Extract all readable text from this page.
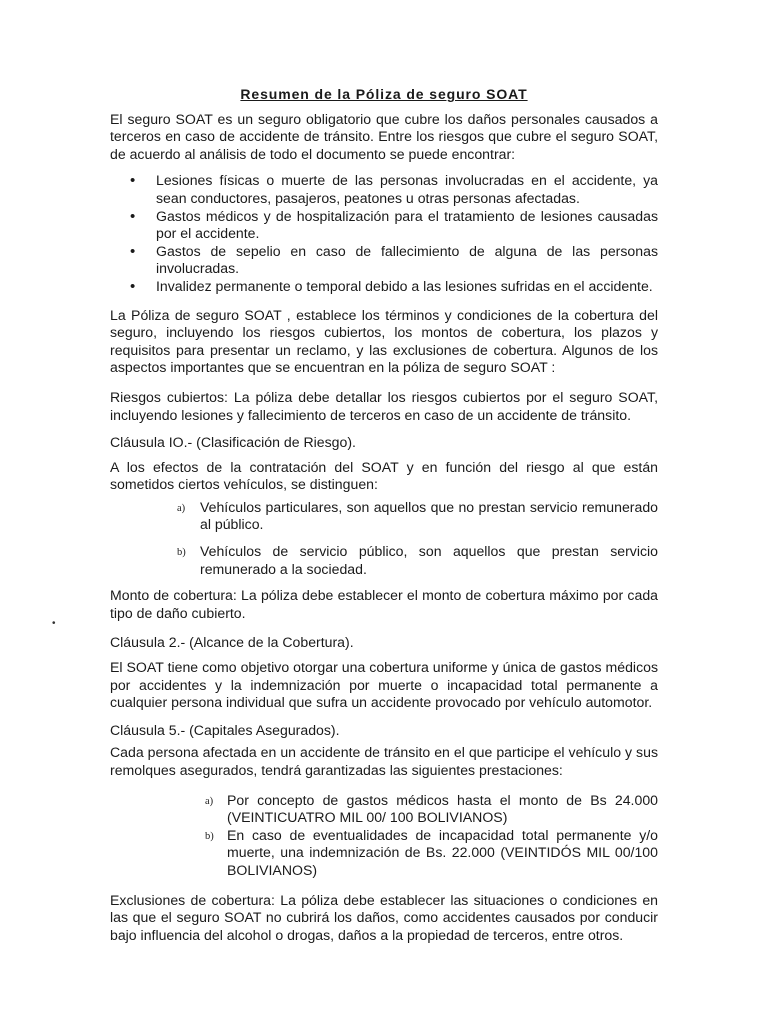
•
Resumen de la Póliza de seguro SOAT

El seguro SOAT es un seguro obligatorio que cubre los daños personales causados a terceros en caso de accidente de tránsito. Entre los riesgos que cubre el seguro SOAT, de acuerdo al análisis de todo el documento se puede encontrar:

• Lesiones físicas o muerte de las personas involucradas en el accidente, ya sean conductores, pasajeros, peatones u otras personas afectadas.
• Gastos médicos y de hospitalización para el tratamiento de lesiones causadas por el accidente.
• Gastos de sepelio en caso de fallecimiento de alguna de las personas involucradas.
• Invalidez permanente o temporal debido a las lesiones sufridas en el accidente.

La Póliza de seguro SOAT , establece los términos y condiciones de la cobertura del seguro, incluyendo los riesgos cubiertos, los montos de cobertura, los plazos y requisitos para presentar un reclamo, y las exclusiones de cobertura. Algunos de los aspectos importantes que se encuentran en la póliza de seguro SOAT :

Riesgos cubiertos: La póliza debe detallar los riesgos cubiertos por el seguro SOAT, incluyendo lesiones y fallecimiento de terceros en caso de un accidente de tránsito.

Cláusula IO.- (Clasificación de Riesgo).

A los efectos de la contratación del SOAT y en función del riesgo al que están sometidos ciertos vehículos, se distinguen:

a) Vehículos particulares, son aquellos que no prestan servicio remunerado al público.
b) Vehículos de servicio público, son aquellos que prestan servicio remunerado a la sociedad.

Monto de cobertura: La póliza debe establecer el monto de cobertura máximo por cada tipo de daño cubierto.

Cláusula 2.- (Alcance de la Cobertura).

El SOAT tiene como objetivo otorgar una cobertura uniforme y única de gastos médicos por accidentes y la indemnización por muerte o incapacidad total permanente a cualquier persona individual que sufra un accidente provocado por vehículo automotor.

Cláusula 5.- (Capitales Asegurados).

Cada persona afectada en un accidente de tránsito en el que participe el vehículo y sus remolques asegurados, tendrá garantizadas las siguientes prestaciones:

a) Por concepto de gastos médicos hasta el monto de Bs 24.000 (VEINTICUATRO MIL 00/ 100 BOLIVIANOS)
b) En caso de eventualidades de incapacidad total permanente y/o muerte, una indemnización de Bs. 22.000 (VEINTIDÓS MIL 00/100 BOLIVIANOS)

Exclusiones de cobertura: La póliza debe establecer las situaciones o condiciones en las que el seguro SOAT no cubrirá los daños, como accidentes causados por conducir bajo influencia del alcohol o drogas, daños a la propiedad de terceros, entre otros.
